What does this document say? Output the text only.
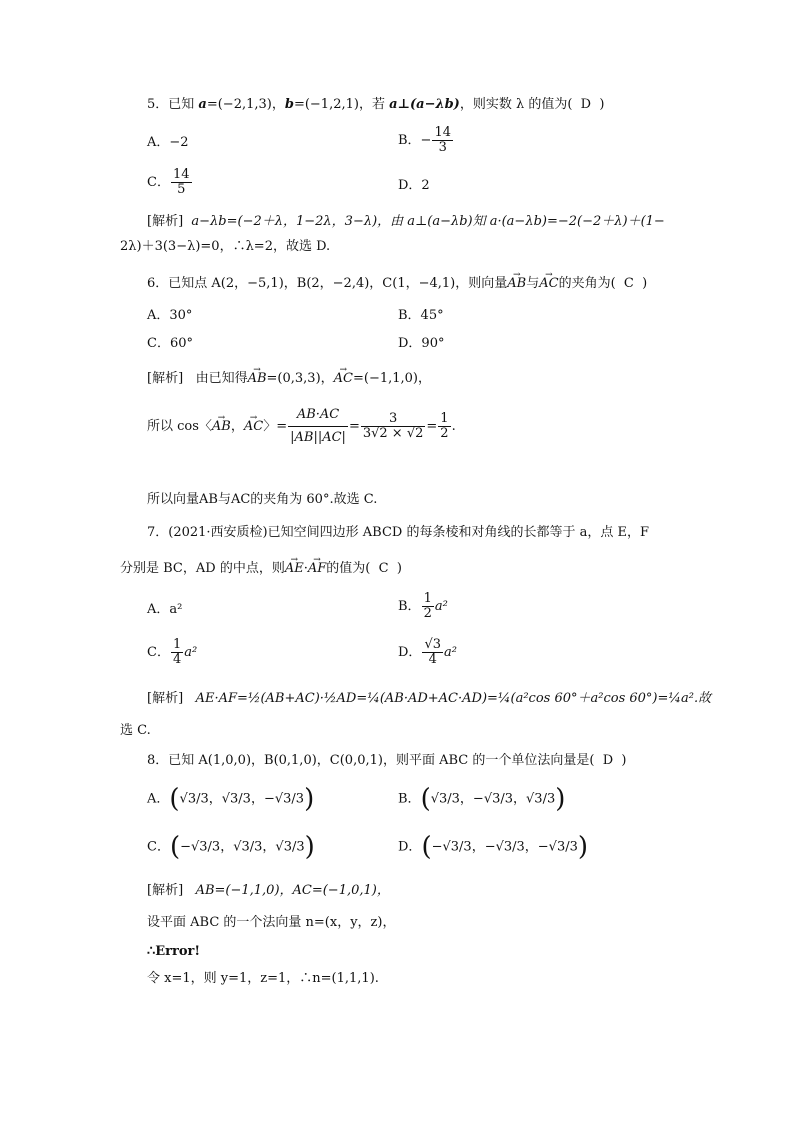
5．已知 a=(−2,1,3)，b=(−1,2,1)，若 a⊥(a−λb)，则实数 λ 的值为( D )
A．−2	B．− $\frac{14}{3}$
C． $\frac{14}{5}$	D．2
[解析] a−λb=(−2＋λ，1−2λ，3−λ)，由 a⊥(a−λb)知 a·(a−λb)=−2(−2＋λ)＋(1−
2λ)＋3(3−λ)=0，∴λ=2，故选 D.
6．已知点 A(2，−5,1)，B(2，−2,4)，C(1，−4,1)，则向量→ AB与→ AC的夹角为( C )
A．30°	B．45°
C．60°	D．90°
[解析] 由已知得→ AB=(0,3,3)，→ AC=(−1,1,0)，
所以 cos〈→ AB，→ AC〉= $\frac{AB\cdot AC}{|AB||AC|} = \frac{3}{3√2 \times √2} = \frac{1}{2}$ .
所以向量AB与AC的夹角为 60°.故选 C.
7．(2021·西安质检)已知空间四边形 ABCD 的每条棱和对角线的长都等于 a，点 E，F
分别是 BC，AD 的中点，则→ AE·→ AF的值为( C )
A．a²	B． $\frac{1}{2} a^2$
C． $\frac{1}{4} a^2$	D． $\frac{√3}{4} a^2$
[解析] AE·AF=½(AB+AC)·½AD=¼(AB·AD+AC·AD)=¼(a²cos 60°＋a²cos 60°)=¼a².故
选 C.
8．已知 A(1,0,0)，B(0,1,0)，C(0,0,1)，则平面 ABC 的一个单位法向量是( D )
A．(√3/3，√3/3，−√3/3)	B．(√3/3，−√3/3，√3/3)
C．(−√3/3，√3/3，√3/3)	D．(−√3/3，−√3/3，−√3/3)
[解析] AB=(−1,1,0)，AC=(−1,0,1)，
设平面 ABC 的一个法向量 n=(x，y，z)，
∴Error!
令 x=1，则 y=1，z=1，∴n=(1,1,1).
